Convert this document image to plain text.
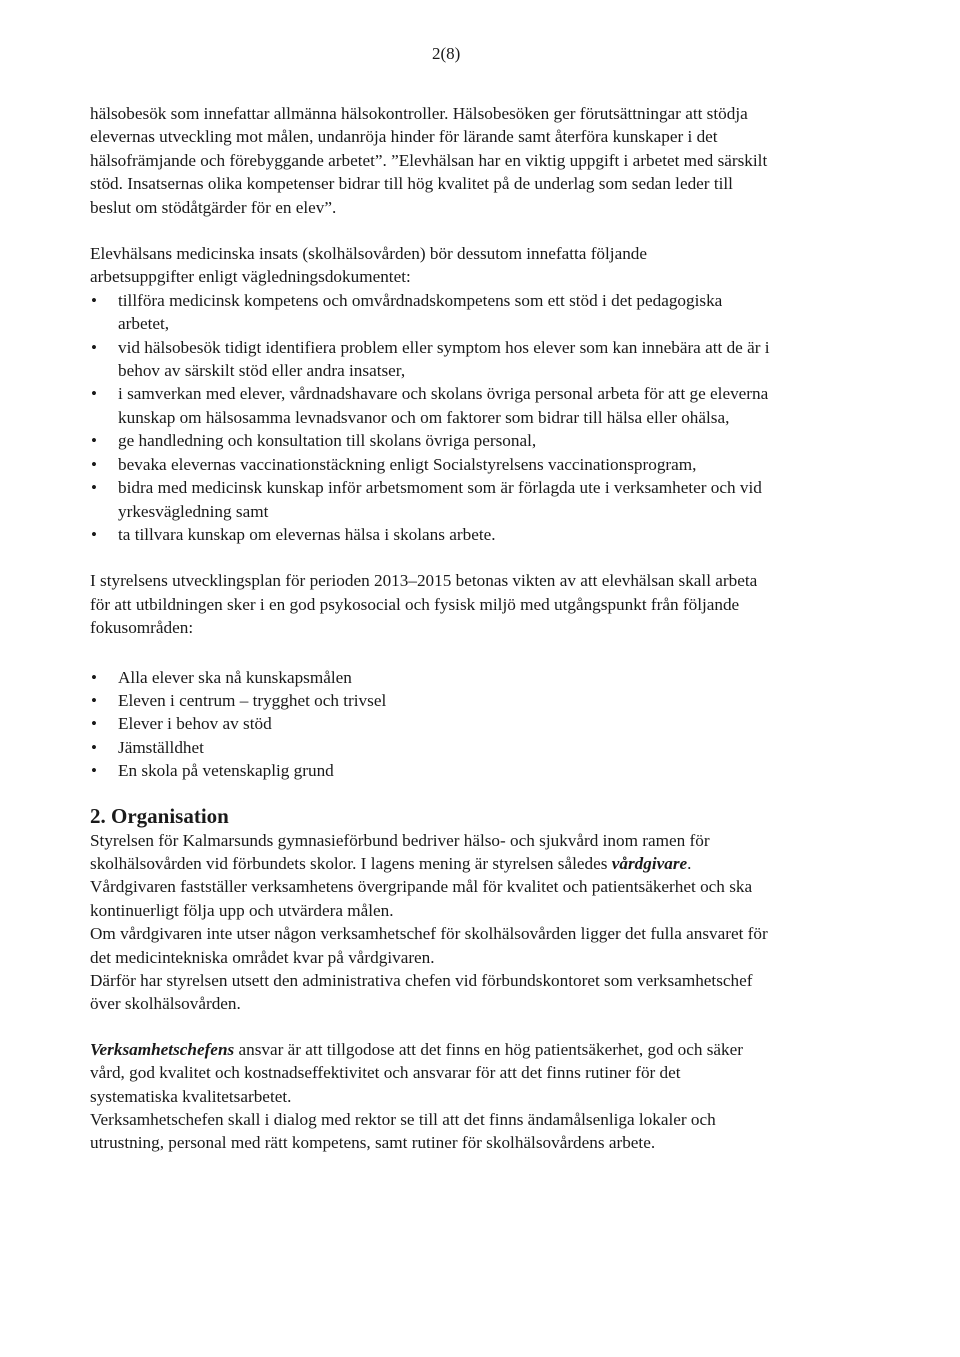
2(8)

hälsobesök som innefattar allmänna hälsokontroller. Hälsobesöken ger förutsättningar att stödja elevernas utveckling mot målen, undanröja hinder för lärande samt återföra kunskaper i det hälsofrämjande och förebyggande arbetet”. ”Elevhälsan har en viktig uppgift i arbetet med särskilt stöd. Insatsernas olika kompetenser bidrar till hög kvalitet på de underlag som sedan leder till beslut om stödåtgärder för en elev”.

Elevhälsans medicinska insats (skolhälsovården) bör dessutom innefatta följande

arbetsuppgifter enligt vägledningsdokumentet:

• tillföra medicinsk kompetens och omvårdnadskompetens som ett stöd i det pedagogiska arbetet,
• vid hälsobesök tidigt identifiera problem eller symptom hos elever som kan innebära att de är i behov av särskilt stöd eller andra insatser,
• i samverkan med elever, vårdnadshavare och skolans övriga personal arbeta för att ge eleverna kunskap om hälsosamma levnadsvanor och om faktorer som bidrar till hälsa eller ohälsa,
• ge handledning och konsultation till skolans övriga personal,
• bevaka elevernas vaccinationstäckning enligt Socialstyrelsens vaccinationsprogram,
• bidra med medicinsk kunskap inför arbetsmoment som är förlagda ute i verksamheter och vid yrkesvägledning samt
• ta tillvara kunskap om elevernas hälsa i skolans arbete.

I styrelsens utvecklingsplan för perioden 2013–2015 betonas vikten av att elevhälsan skall arbeta för att utbildningen sker i en god psykosocial och fysisk miljö med utgångspunkt från följande fokusområden:

• Alla elever ska nå kunskapsmålen
• Eleven i centrum – trygghet och trivsel
• Elever i behov av stöd
• Jämställdhet
• En skola på vetenskaplig grund
2. Organisation

Styrelsen för Kalmarsunds gymnasieförbund bedriver hälso- och sjukvård inom ramen för skolhälsovården vid förbundets skolor. I lagens mening är styrelsen således vårdgivare.

Vårdgivaren fastställer verksamhetens övergripande mål för kvalitet och patientsäkerhet och ska kontinuerligt följa upp och utvärdera målen.

Om vårdgivaren inte utser någon verksamhetschef för skolhälsovården ligger det fulla ansvaret för det medicintekniska området kvar på vårdgivaren.

Därför har styrelsen utsett den administrativa chefen vid förbundskontoret som verksamhetschef över skolhälsovården.

Verksamhetschefens ansvar är att tillgodose att det finns en hög patientsäkerhet, god och säker vård, god kvalitet och kostnadseffektivitet och ansvarar för att det finns rutiner för det systematiska kvalitetsarbetet.

Verksamhetschefen skall i dialog med rektor se till att det finns ändamålsenliga lokaler och utrustning, personal med rätt kompetens, samt rutiner för skolhälsovårdens arbete.
